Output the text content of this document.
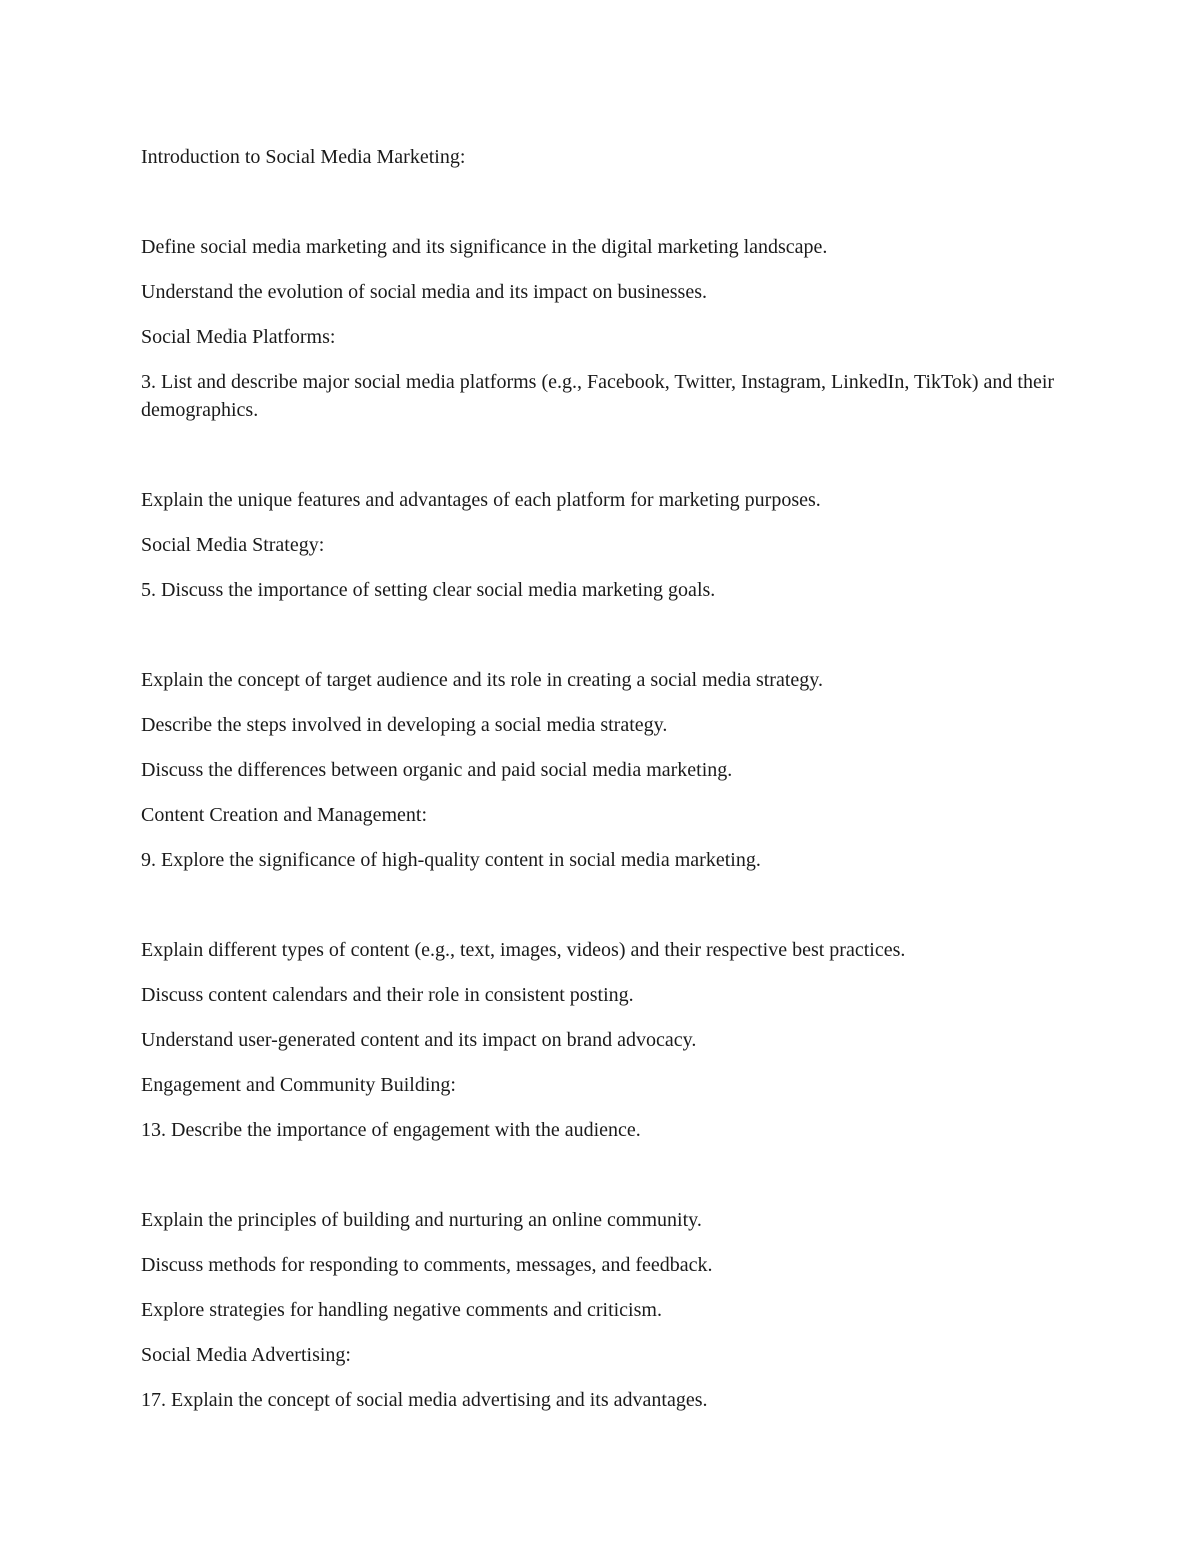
Introduction to Social Media Marketing:

Define social media marketing and its significance in the digital marketing landscape.

Understand the evolution of social media and its impact on businesses.

Social Media Platforms:

3. List and describe major social media platforms (e.g., Facebook, Twitter, Instagram, LinkedIn, TikTok) and their demographics.

Explain the unique features and advantages of each platform for marketing purposes.

Social Media Strategy:

5. Discuss the importance of setting clear social media marketing goals.

Explain the concept of target audience and its role in creating a social media strategy.

Describe the steps involved in developing a social media strategy.

Discuss the differences between organic and paid social media marketing.

Content Creation and Management:

9. Explore the significance of high-quality content in social media marketing.

Explain different types of content (e.g., text, images, videos) and their respective best practices.

Discuss content calendars and their role in consistent posting.

Understand user-generated content and its impact on brand advocacy.

Engagement and Community Building:

13. Describe the importance of engagement with the audience.

Explain the principles of building and nurturing an online community.

Discuss methods for responding to comments, messages, and feedback.

Explore strategies for handling negative comments and criticism.

Social Media Advertising:

17. Explain the concept of social media advertising and its advantages.
